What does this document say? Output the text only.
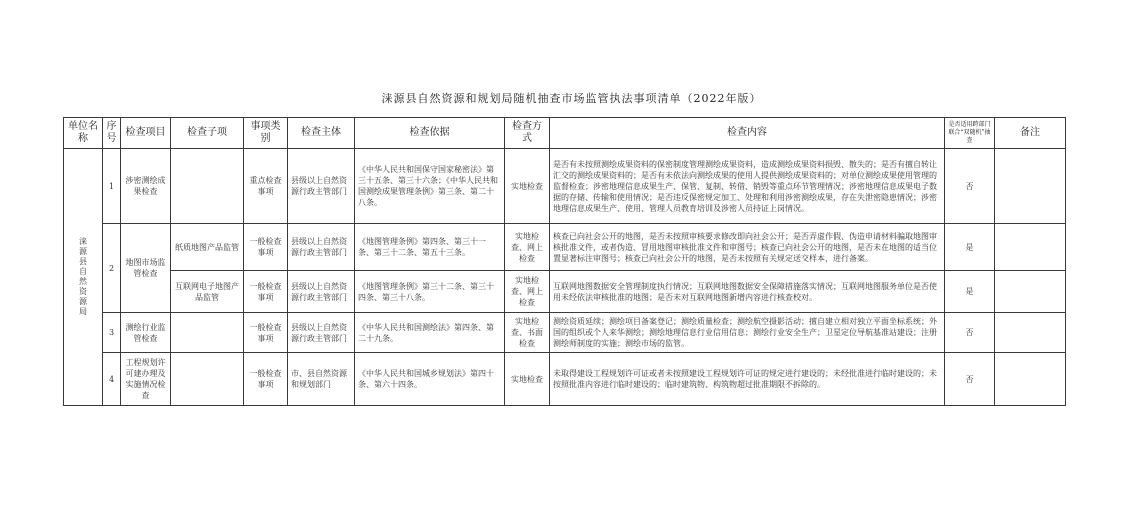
涞源县自然资源和规划局随机抽查市场监管执法事项清单（2022年版）
单位名称	序号	检查项目	检查子项	事项类别	检查主体	检查依据	检查方式	检查内容	是否适用跨部门联合“双随机”抽查	备注
涞源县自然资源局	1	涉密测绘成果检查		重点检查事项	县级以上自然资源行政主管部门	《中华人民共和国保守国家秘密法》第三十五条、第三十六条；《中华人民共和国测绘成果管理条例》第三条、第二十八条。	实地检查	是否有未按照测绘成果资料的保密制度管理测绘成果资料，造成测绘成果资料损毁、散失的；是否有擅自转让汇交的测绘成果资料的；是否有未依法向测绘成果的使用人提供测绘成果资料的；对单位测绘成果使用管理的监督检查；涉密地理信息成果生产、保管、复制、转借、销毁等重点环节管理情况；涉密地理信息成果电子数据的存储、传输和使用情况；是否违反保密规定加工、处理和利用涉密测绘成果，存在失泄密隐患情况；涉密地理信息成果生产、使用、管理人员教育培训及涉密人员持证上岗情况。	否	
	2	地图市场监管检查	纸质地图产品监管	一般检查事项	县级以上自然资源行政主管部门	《地图管理条例》第四条、第三十一条、第三十二条、第五十三条。	实地检查、网上检查	核查已向社会公开的地图，是否未按照审核要求修改即向社会公开；是否弄虚作假、伪造申请材料骗取地图审核批准文件，或者伪造、冒用地图审核批准文件和审图号；核查已向社会公开的地图，是否未在地图的适当位置显著标注审图号；核查已向社会公开的地图，是否未按照有关规定送交样本，进行备案。	是	
			互联网电子地图产品监管	一般检查事项	县级以上自然资源行政主管部门	《地图管理条例》第三十二条、第三十四条、第三十八条。	实地检查、网上检查	互联网地图数据安全管理制度执行情况；互联网地图数据安全保障措施落实情况；互联网地图服务单位是否使用未经依法审核批准的地图；是否未对互联网地图新增内容进行核查校对。	是	
	3	测绘行业监管检查		一般检查事项	县级以上自然资源行政主管部门	《中华人民共和国测绘法》第四条、第二十九条。	实地检查、书面检查	测绘资质延续；测绘项目备案登记；测绘质量检查；测绘航空摄影活动；擅自建立相对独立平面坐标系统；外国的组织或个人来华测绘；测绘地理信息行业信用信息；测绘行业安全生产；卫星定位导航基准站建设；注册测绘师制度的实施；测绘市场的监管。	否	
	4	工程规划许可建办理及实施情况检查		一般检查事项	市、县自然资源和规划部门	《中华人民共和国城乡规划法》第四十条、第六十四条。	实地检查	未取得建设工程规划许可证或者未按照建设工程规划许可证的规定进行建设的；未经批准进行临时建设的；未按照批准内容进行临时建设的；临时建筑物、构筑物超过批准期限不拆除的。	否	
